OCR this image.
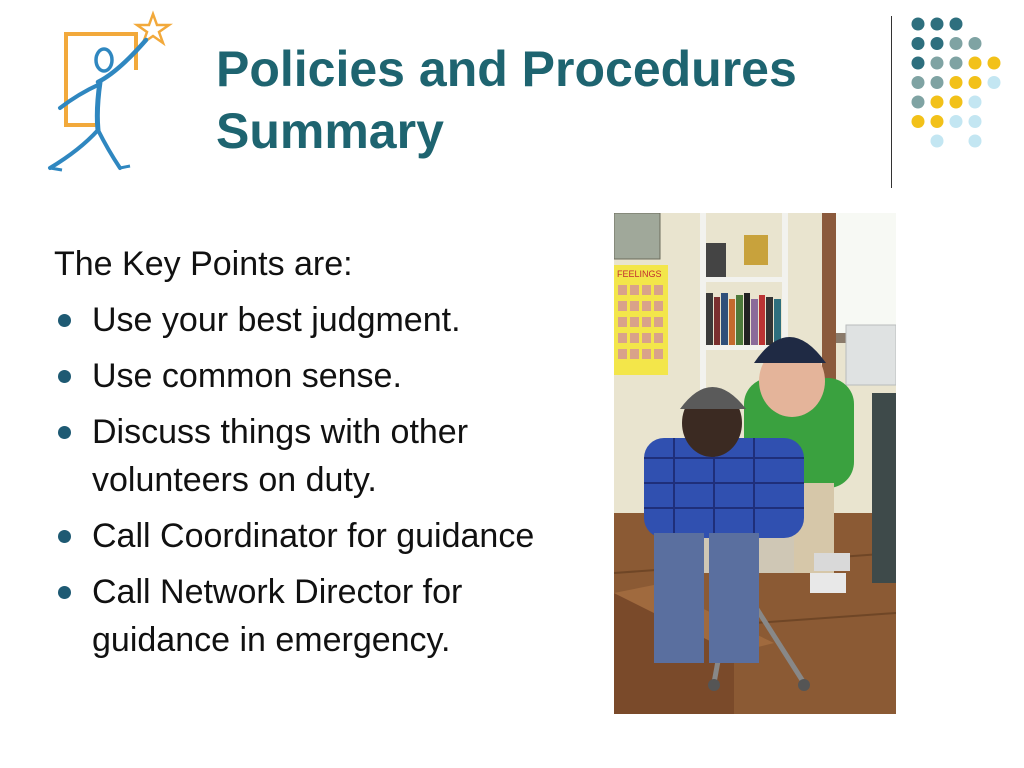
Policies and Procedures
Summary
The Key Points are:
Use your best judgment.
Use common sense.
Discuss things with other volunteers on duty.
Call Coordinator for guidance
Call Network Director for guidance in emergency.
FEELINGS
